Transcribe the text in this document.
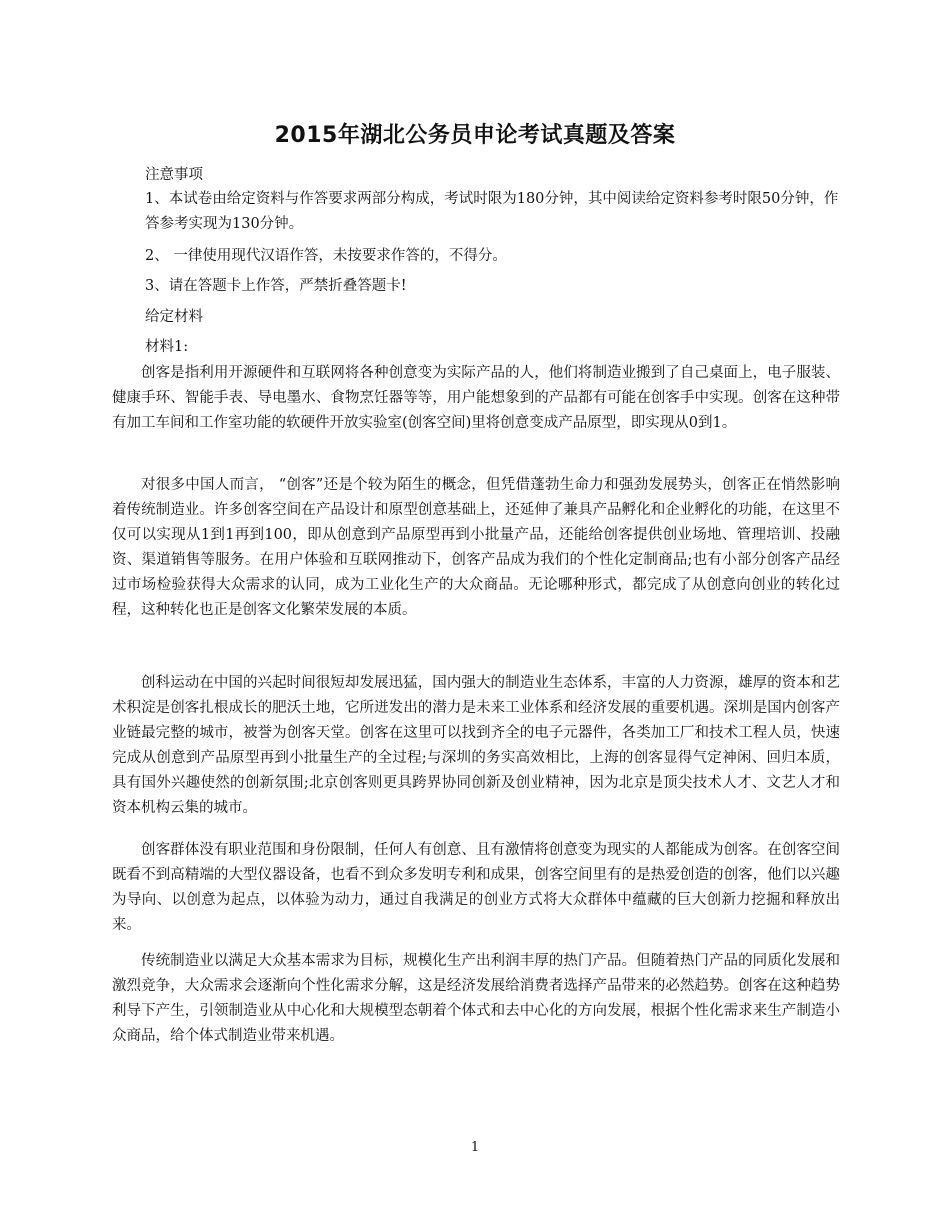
2015年湖北公务员申论考试真题及答案
注意事项
1、本试卷由给定资料与作答要求两部分构成，考试时限为180分钟，其中阅读给定资料参考时限50分钟，作答参考实现为130分钟。
2、 一律使用现代汉语作答，未按要求作答的，不得分。
3、请在答题卡上作答，严禁折叠答题卡!
给定材料
材料1:
创客是指利用开源硬件和互联网将各种创意变为实际产品的人，他们将制造业搬到了自己桌面上，电子服装、健康手环、智能手表、导电墨水、食物烹饪器等等，用户能想象到的产品都有可能在创客手中实现。创客在这种带有加工车间和工作室功能的软硬件开放实验室(创客空间)里将创意变成产品原型，即实现从0到1。
对很多中国人而言， “创客”还是个较为陌生的概念，但凭借蓬勃生命力和强劲发展势头，创客正在悄然影响着传统制造业。许多创客空间在产品设计和原型创意基础上，还延伸了兼具产品孵化和企业孵化的功能，在这里不仅可以实现从1到1再到100，即从创意到产品原型再到小批量产品，还能给创客提供创业场地、管理培训、投融资、渠道销售等服务。在用户体验和互联网推动下，创客产品成为我们的个性化定制商品;也有小部分创客产品经过市场检验获得大众需求的认同，成为工业化生产的大众商品。无论哪种形式，都完成了从创意向创业的转化过程，这种转化也正是创客文化繁荣发展的本质。
创科运动在中国的兴起时间很短却发展迅猛，国内强大的制造业生态体系，丰富的人力资源，雄厚的资本和艺术积淀是创客扎根成长的肥沃土地，它所迸发出的潜力是未来工业体系和经济发展的重要机遇。深圳是国内创客产业链最完整的城市，被誉为创客天堂。创客在这里可以找到齐全的电子元器件，各类加工厂和技术工程人员，快速完成从创意到产品原型再到小批量生产的全过程;与深圳的务实高效相比，上海的创客显得气定神闲、回归本质，具有国外兴趣使然的创新氛围;北京创客则更具跨界协同创新及创业精神，因为北京是顶尖技术人才、文艺人才和资本机构云集的城市。
创客群体没有职业范围和身份限制，任何人有创意、且有激情将创意变为现实的人都能成为创客。在创客空间既看不到高精端的大型仪器设备，也看不到众多发明专利和成果，创客空间里有的是热爱创造的创客，他们以兴趣为导向、以创意为起点，以体验为动力，通过自我满足的创业方式将大众群体中蕴藏的巨大创新力挖掘和释放出来。
传统制造业以满足大众基本需求为目标，规模化生产出利润丰厚的热门产品。但随着热门产品的同质化发展和激烈竞争，大众需求会逐渐向个性化需求分解，这是经济发展给消费者选择产品带来的必然趋势。创客在这种趋势利导下产生，引领制造业从中心化和大规模型态朝着个体式和去中心化的方向发展，根据个性化需求来生产制造小众商品，给个体式制造业带来机遇。
1
